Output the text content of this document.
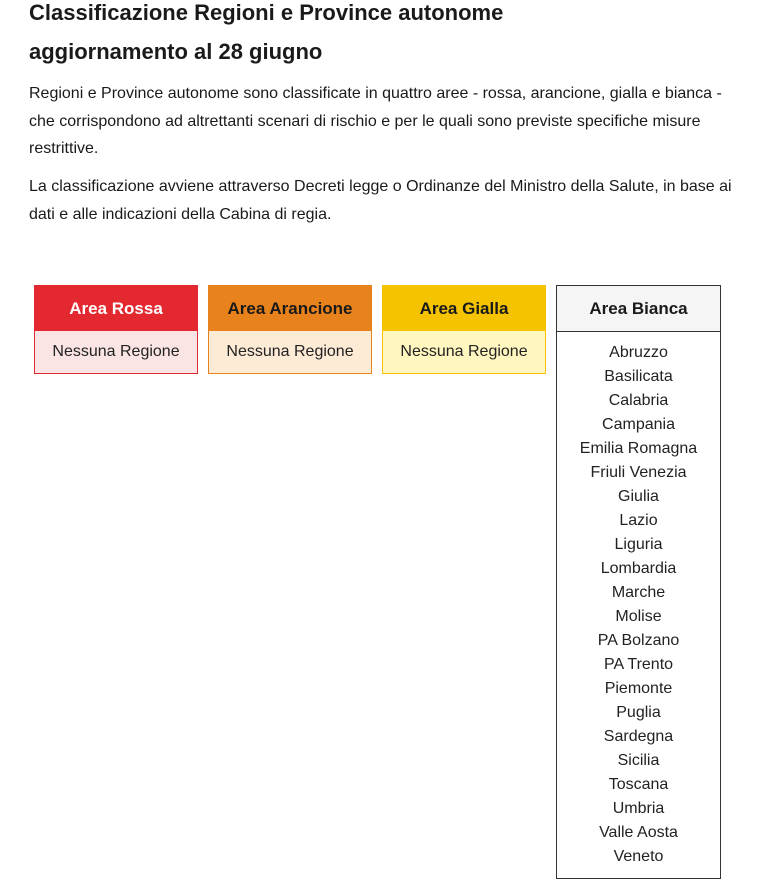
Classificazione Regioni e Province autonome
aggiornamento al 28 giugno

Regioni e Province autonome sono classificate in quattro aree - rossa, arancione, gialla e bianca - che corrispondono ad altrettanti scenari di rischio e per le quali sono previste specifiche misure restrittive.

La classificazione avviene attraverso Decreti legge o Ordinanze del Ministro della Salute, in base ai dati e alle indicazioni della Cabina di regia.

Area Rossa
Nessuna Regione
Area Arancione
Nessuna Regione
Area Gialla
Nessuna Regione
Area Bianca
Abruzzo
Basilicata
Calabria
Campania
Emilia Romagna
Friuli Venezia
Giulia
Lazio
Liguria
Lombardia
Marche
Molise
PA Bolzano
PA Trento
Piemonte
Puglia
Sardegna
Sicilia
Toscana
Umbria
Valle Aosta
Veneto
